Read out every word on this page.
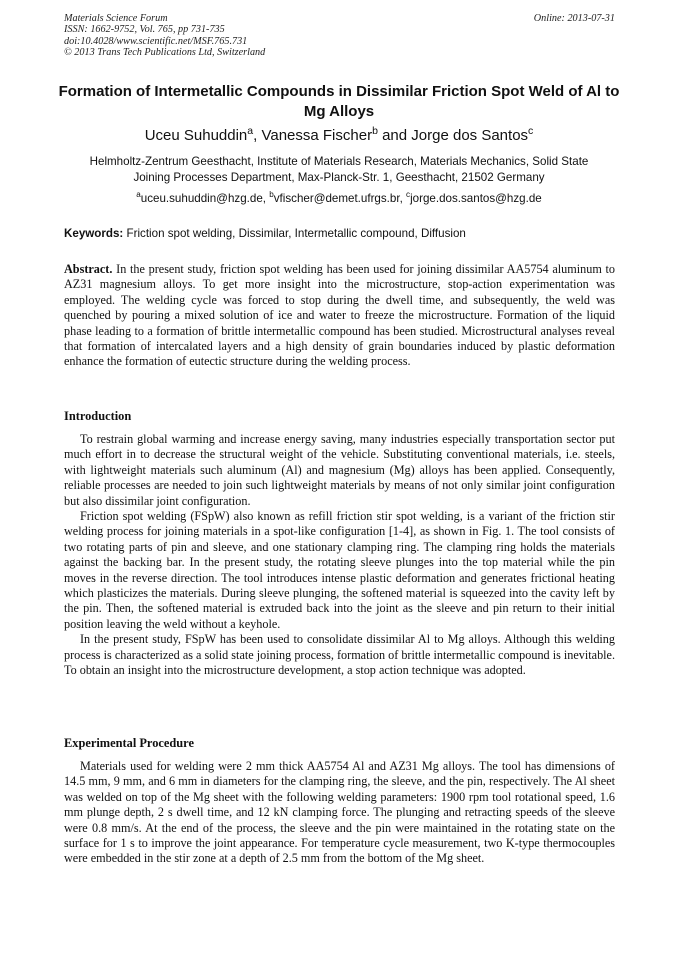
Materials Science Forum
ISSN: 1662-9752, Vol. 765, pp 731-735
doi:10.4028/www.scientific.net/MSF.765.731
© 2013 Trans Tech Publications Ltd, Switzerland
Online: 2013-07-31
Formation of Intermetallic Compounds in Dissimilar Friction Spot Weld of Al to Mg Alloys
Uceu Suhuddin$^a$, Vanessa Fischer$^b$ and Jorge dos Santos$^c$
Helmholtz-Zentrum Geesthacht, Institute of Materials Research, Materials Mechanics, Solid State
Joining Processes Department, Max-Planck-Str. 1, Geesthacht, 21502 Germany
$^a$uceu.suhuddin@hzg.de, $^b$vfischer@demet.ufrgs.br, $^c$jorge.dos.santos@hzg.de
Keywords: Friction spot welding, Dissimilar, Intermetallic compound, Diffusion
Abstract. In the present study, friction spot welding has been used for joining dissimilar AA5754 aluminum to AZ31 magnesium alloys. To get more insight into the microstructure, stop-action experimentation was employed. The welding cycle was forced to stop during the dwell time, and subsequently, the weld was quenched by pouring a mixed solution of ice and water to freeze the microstructure. Formation of the liquid phase leading to a formation of brittle intermetallic compound has been studied. Microstructural analyses reveal that formation of intercalated layers and a high density of grain boundaries induced by plastic deformation enhance the formation of eutectic structure during the welding process.
Introduction

To restrain global warming and increase energy saving, many industries especially transportation sector put much effort in to decrease the structural weight of the vehicle. Substituting conventional materials, i.e. steels, with lightweight materials such aluminum (Al) and magnesium (Mg) alloys has been applied. Consequently, reliable processes are needed to join such lightweight materials by means of not only similar joint configuration but also dissimilar joint configuration.

Friction spot welding (FSpW) also known as refill friction stir spot welding, is a variant of the friction stir welding process for joining materials in a spot-like configuration [1-4], as shown in Fig. 1. The tool consists of two rotating parts of pin and sleeve, and one stationary clamping ring. The clamping ring holds the materials against the backing bar. In the present study, the rotating sleeve plunges into the top material while the pin moves in the reverse direction. The tool introduces intense plastic deformation and generates frictional heating which plasticizes the materials. During sleeve plunging, the softened material is squeezed into the cavity left by the pin. Then, the softened material is extruded back into the joint as the sleeve and pin return to their initial position leaving the weld without a keyhole.

In the present study, FSpW has been used to consolidate dissimilar Al to Mg alloys. Although this welding process is characterized as a solid state joining process, formation of brittle intermetallic compound is inevitable. To obtain an insight into the microstructure development, a stop action technique was adopted.

Experimental Procedure

Materials used for welding were 2 mm thick AA5754 Al and AZ31 Mg alloys. The tool has dimensions of 14.5 mm, 9 mm, and 6 mm in diameters for the clamping ring, the sleeve, and the pin, respectively. The Al sheet was welded on top of the Mg sheet with the following welding parameters: 1900 rpm tool rotational speed, 1.6 mm plunge depth, 2 s dwell time, and 12 kN clamping force. The plunging and retracting speeds of the sleeve were 0.8 mm/s. At the end of the process, the sleeve and the pin were maintained in the rotating state on the surface for 1 s to improve the joint appearance. For temperature cycle measurement, two K-type thermocouples were embedded in the stir zone at a depth of 2.5 mm from the bottom of the Mg sheet.
